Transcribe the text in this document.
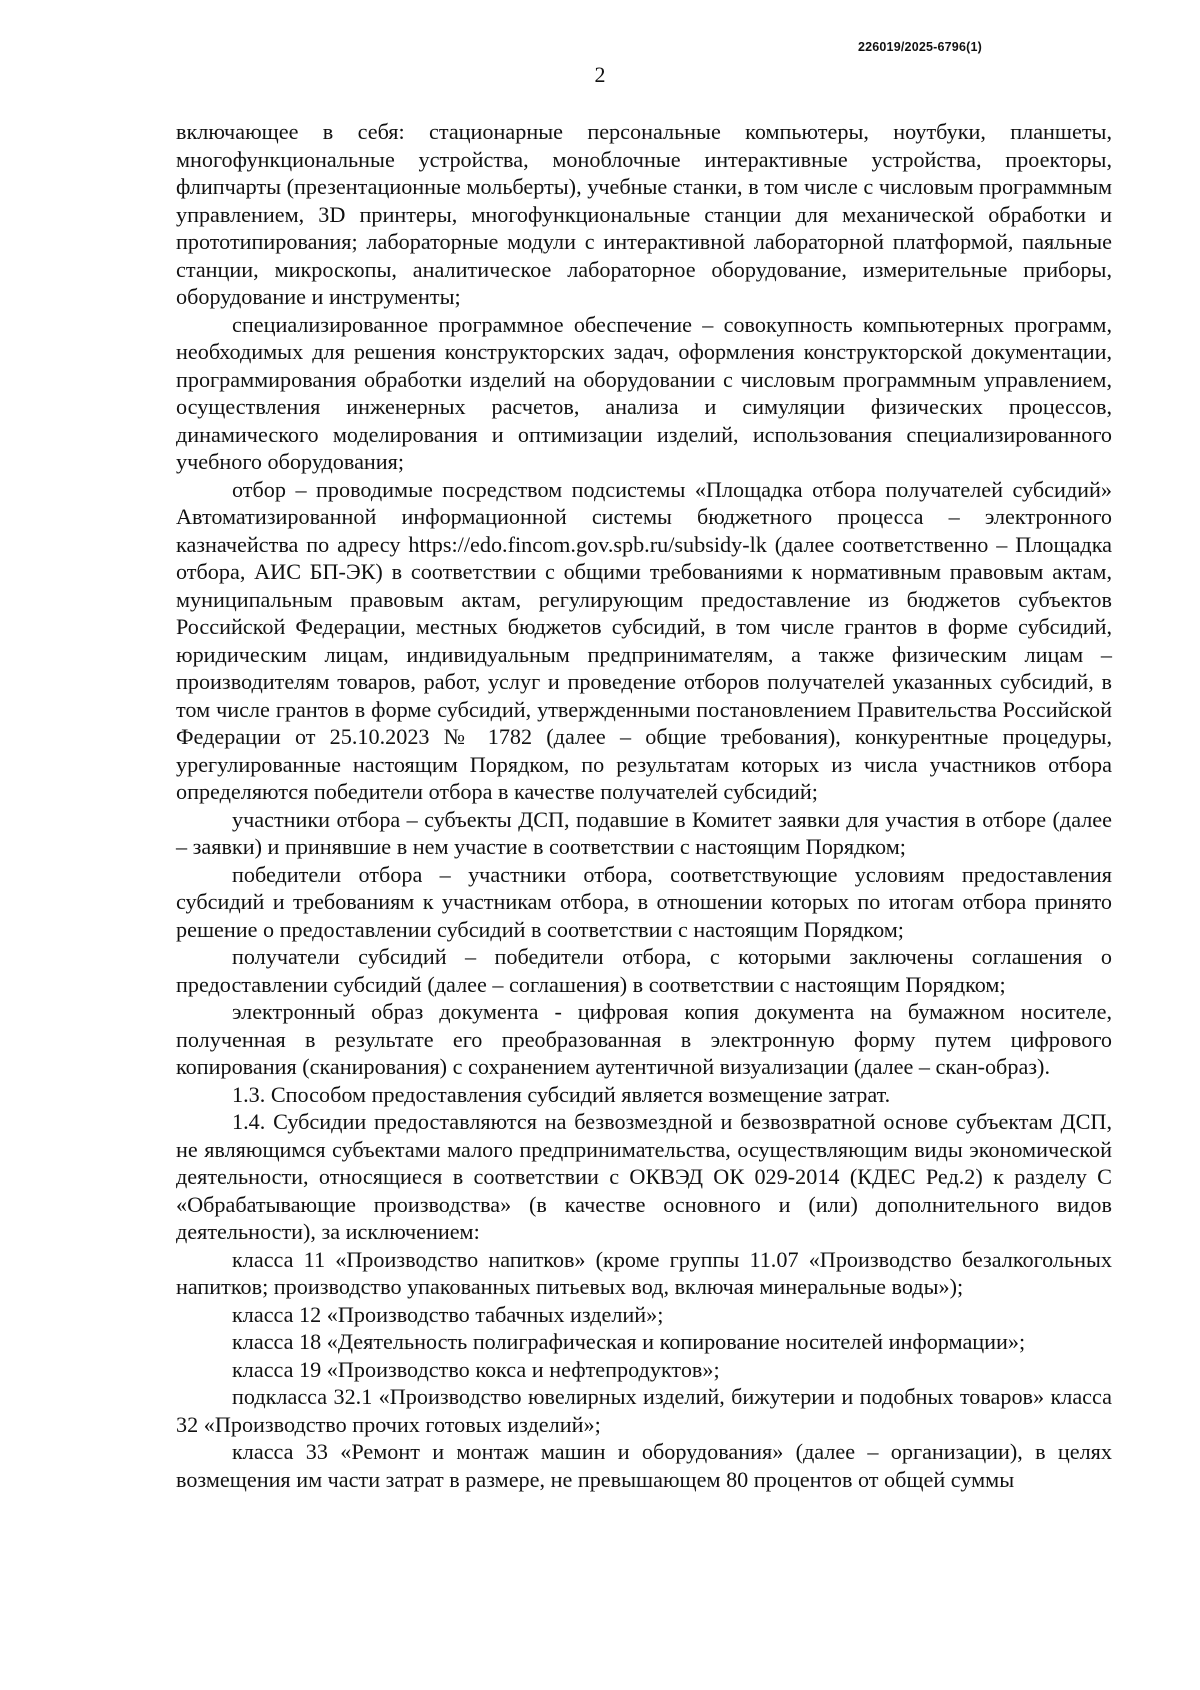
226019/2025-6796(1)
2

включающее в себя: стационарные персональные компьютеры, ноутбуки, планшеты, многофункциональные устройства, моноблочные интерактивные устройства, проекторы, флипчарты (презентационные мольберты), учебные станки, в том числе с числовым программным управлением, 3D принтеры, многофункциональные станции для механической обработки и прототипирования; лабораторные модули с интерактивной лабораторной платформой, паяльные станции, микроскопы, аналитическое лабораторное оборудование, измерительные приборы, оборудование и инструменты;

специализированное программное обеспечение – совокупность компьютерных программ, необходимых для решения конструкторских задач, оформления конструкторской документации, программирования обработки изделий на оборудовании с числовым программным управлением, осуществления инженерных расчетов, анализа и симуляции физических процессов, динамического моделирования и оптимизации изделий, использования специализированного учебного оборудования;

отбор – проводимые посредством подсистемы «Площадка отбора получателей субсидий» Автоматизированной информационной системы бюджетного процесса – электронного казначейства по адресу https://edo.fincom.gov.spb.ru/subsidy-lk (далее соответственно – Площадка отбора, АИС БП-ЭК) в соответствии с общими требованиями к нормативным правовым актам, муниципальным правовым актам, регулирующим предоставление из бюджетов субъектов Российской Федерации, местных бюджетов субсидий, в том числе грантов в форме субсидий, юридическим лицам, индивидуальным предпринимателям, а также физическим лицам – производителям товаров, работ, услуг и проведение отборов получателей указанных субсидий, в том числе грантов в форме субсидий, утвержденными постановлением Правительства Российской Федерации от 25.10.2023 № 1782 (далее – общие требования), конкурентные процедуры, урегулированные настоящим Порядком, по результатам которых из числа участников отбора определяются победители отбора в качестве получателей субсидий;

участники отбора – субъекты ДСП, подавшие в Комитет заявки для участия в отборе (далее – заявки) и принявшие в нем участие в соответствии с настоящим Порядком;

победители отбора – участники отбора, соответствующие условиям предоставления субсидий и требованиям к участникам отбора, в отношении которых по итогам отбора принято решение о предоставлении субсидий в соответствии с настоящим Порядком;

получатели субсидий – победители отбора, с которыми заключены соглашения о предоставлении субсидий (далее – соглашения) в соответствии с настоящим Порядком;

электронный образ документа - цифровая копия документа на бумажном носителе, полученная в результате его преобразованная в электронную форму путем цифрового копирования (сканирования) с сохранением аутентичной визуализации (далее – скан-образ).

1.3. Способом предоставления субсидий является возмещение затрат.

1.4. Субсидии предоставляются на безвозмездной и безвозвратной основе субъектам ДСП, не являющимся субъектами малого предпринимательства, осуществляющим виды экономической деятельности, относящиеся в соответствии с ОКВЭД ОК 029-2014 (КДЕС Ред.2) к разделу С «Обрабатывающие производства» (в качестве основного и (или) дополнительного видов деятельности), за исключением:

класса 11 «Производство напитков» (кроме группы 11.07 «Производство безалкогольных напитков; производство упакованных питьевых вод, включая минеральные воды»);

класса 12 «Производство табачных изделий»;

класса 18 «Деятельность полиграфическая и копирование носителей информации»;

класса 19 «Производство кокса и нефтепродуктов»;

подкласса 32.1 «Производство ювелирных изделий, бижутерии и подобных товаров» класса 32 «Производство прочих готовых изделий»;

класса 33 «Ремонт и монтаж машин и оборудования» (далее – организации), в целях возмещения им части затрат в размере, не превышающем 80 процентов от общей суммы
